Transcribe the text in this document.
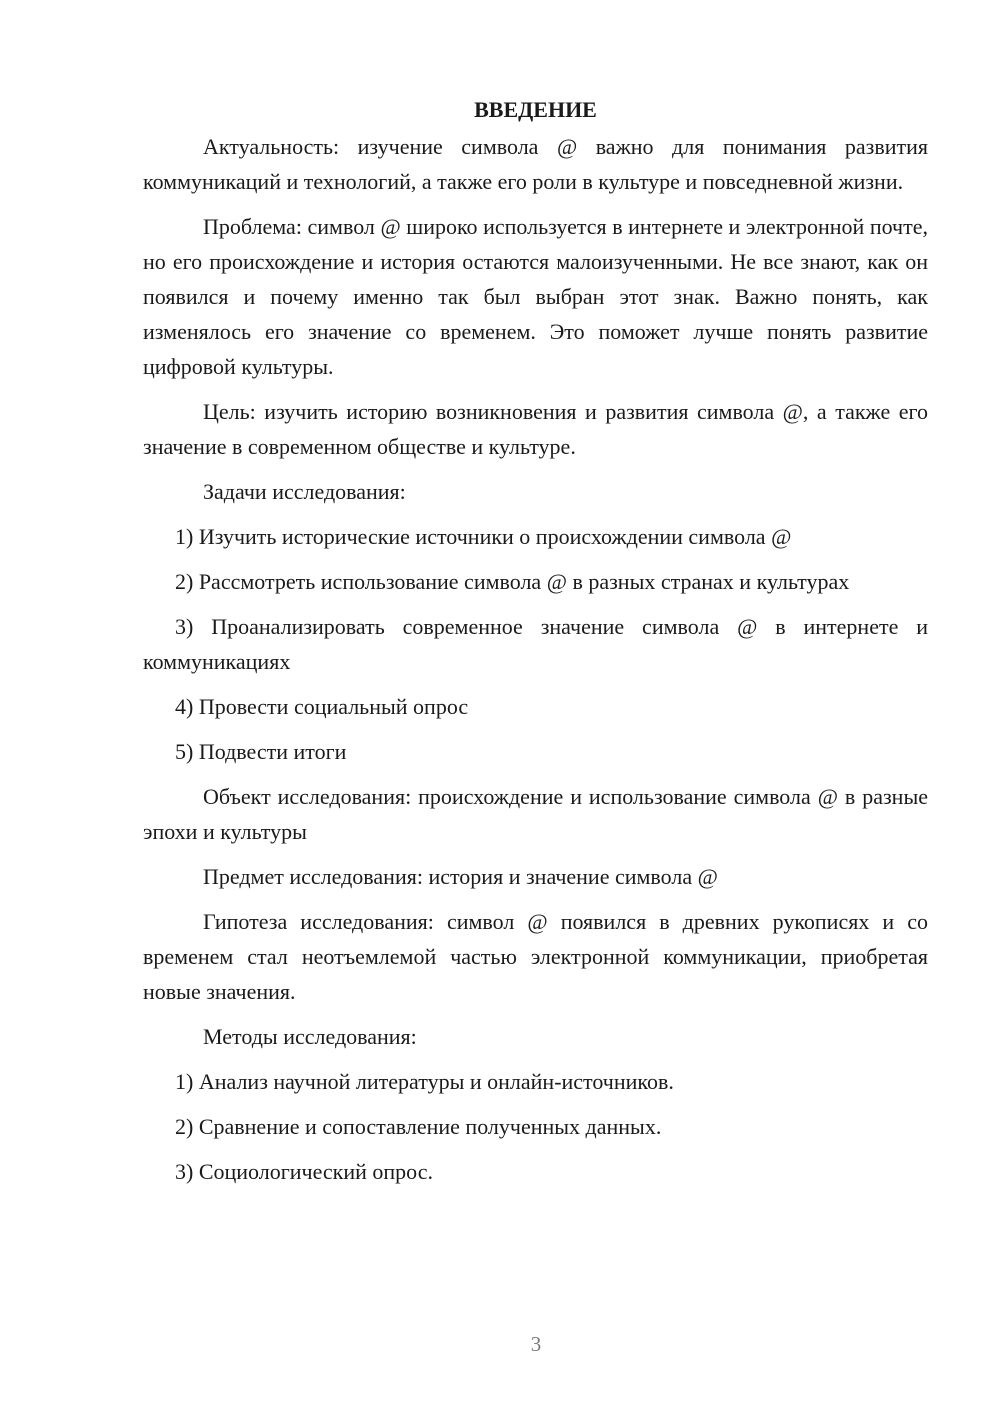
ВВЕДЕНИЕ

Актуальность: изучение символа @ важно для понимания развития коммуникаций и технологий, а также его роли в культуре и повседневной жизни.

Проблема: символ @ широко используется в интернете и электронной почте, но его происхождение и история остаются малоизученными. Не все знают, как он появился и почему именно так был выбран этот знак. Важно понять, как изменялось его значение со временем. Это поможет лучше понять развитие цифровой культуры.

Цель: изучить историю возникновения и развития символа @, а также его значение в современном обществе и культуре.

Задачи исследования:

1) Изучить исторические источники о происхождении символа @

2) Рассмотреть использование символа @ в разных странах и культурах

3) Проанализировать современное значение символа @ в интернете и коммуникациях

4) Провести социальный опрос

5) Подвести итоги

Объект исследования: происхождение и использование символа @ в разные эпохи и культуры

Предмет исследования: история и значение символа @

Гипотеза исследования: символ @ появился в древних рукописях и со временем стал неотъемлемой частью электронной коммуникации, приобретая новые значения.

Методы исследования:

1) Анализ научной литературы и онлайн-источников.

2) Сравнение и сопоставление полученных данных.

3) Социологический опрос.

3
